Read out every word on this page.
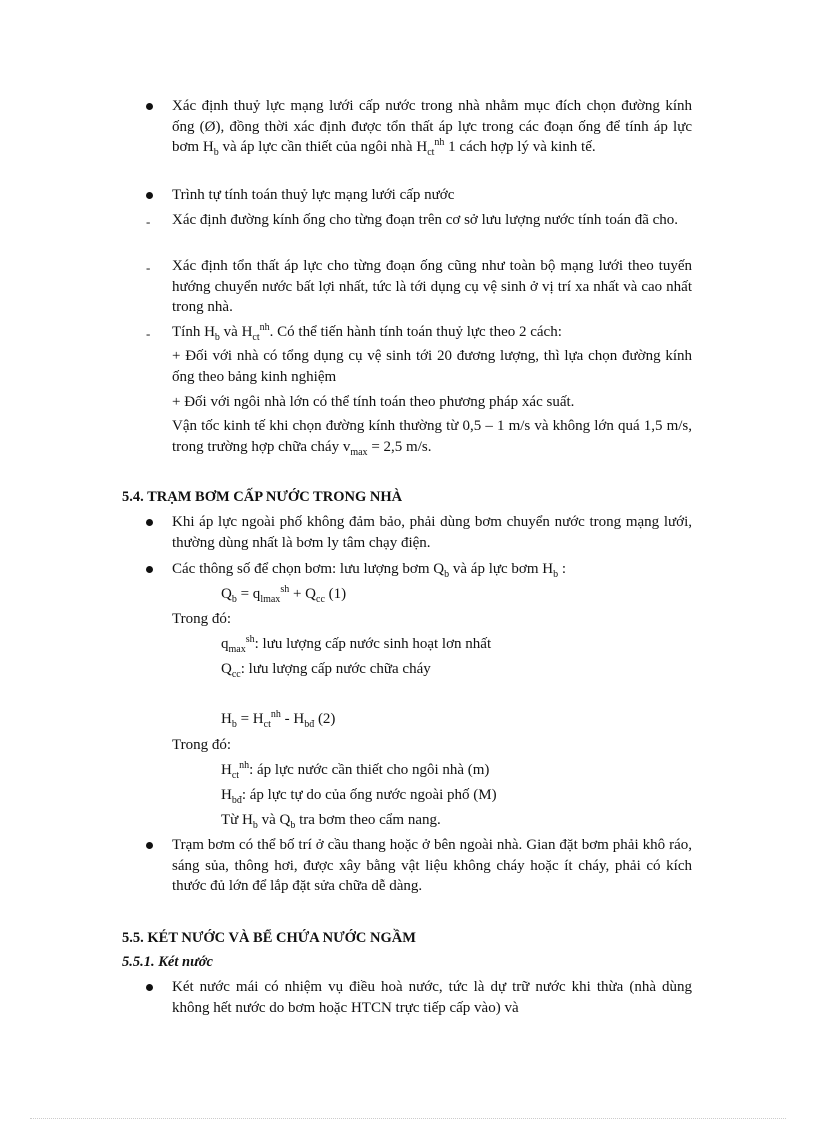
Xác định thuỷ lực mạng lưới cấp nước trong nhà nhằm mục đích chọn đường kính ống (Ø), đồng thời xác định được tổn thất áp lực trong các đoạn ống để tính áp lực bơm $H_b$ và áp lực cần thiết của ngôi nhà $H_{ct}^{nh}$ 1 cách hợp lý và kinh tế.
Trình tự tính toán thuỷ lực mạng lưới cấp nước
- Xác định đường kính ống cho từng đoạn trên cơ sở lưu lượng nước tính toán đã cho.
- Xác định tổn thất áp lực cho từng đoạn ống cũng như toàn bộ mạng lưới theo tuyến hướng chuyển nước bất lợi nhất, tức là tới dụng cụ vệ sinh ở vị trí xa nhất và cao nhất trong nhà.
- Tính $H_b$ và $H_{ct}^{nh}$. Có thể tiến hành tính toán thuỷ lực theo 2 cách:
+ Đối với nhà có tổng dụng cụ vệ sinh tới 20 đương lượng, thì lựa chọn đường kính ống theo bảng kinh nghiệm
+ Đối với ngôi nhà lớn có thể tính toán theo phương pháp xác suất.
Vận tốc kinh tế khi chọn đường kính thường từ 0,5 – 1 m/s và không lớn quá 1,5 m/s, trong trường hợp chữa cháy $v_{max} = 2,5$ m/s.
5.4. TRẠM BƠM CẤP NƯỚC TRONG NHÀ
Khi áp lực ngoài phố không đảm bảo, phải dùng bơm chuyển nước trong mạng lưới, thường dùng nhất là bơm ly tâm chạy điện.
Các thông số để chọn bơm: lưu lượng bơm $Q_b$ và áp lực bơm $H_b$ :
$Q_b = q_{lmax}^{sh} + Q_{cc}$ (1)
Trong đó:
$q_{max}^{sh}$: lưu lượng cấp nước sinh hoạt lơn nhất
$Q_{cc}$: lưu lượng cấp nước chữa cháy
$H_b = H_{ct}^{nh} - H_{bđ}$ (2)
Trong đó:
$H_{ct}^{nh}$: áp lực nước cần thiết cho ngôi nhà (m)
$H_{bđ}$: áp lực tự do của ống nước ngoài phố (M)
Từ $H_b$ và $Q_b$ tra bơm theo cẩm nang.
Trạm bơm có thể bố trí ở cầu thang hoặc ở bên ngoài nhà. Gian đặt bơm phải khô ráo, sáng sủa, thông hơi, được xây bằng vật liệu không cháy hoặc ít cháy, phải có kích thước đủ lớn để lắp đặt sửa chữa dễ dàng.
5.5. KÉT NƯỚC VÀ BỂ CHỨA NƯỚC NGẦM
5.5.1. Két nước
Két nước mái có nhiệm vụ điều hoà nước, tức là dự trữ nước khi thừa (nhà dùng không hết nước do bơm hoặc HTCN trực tiếp cấp vào) và
